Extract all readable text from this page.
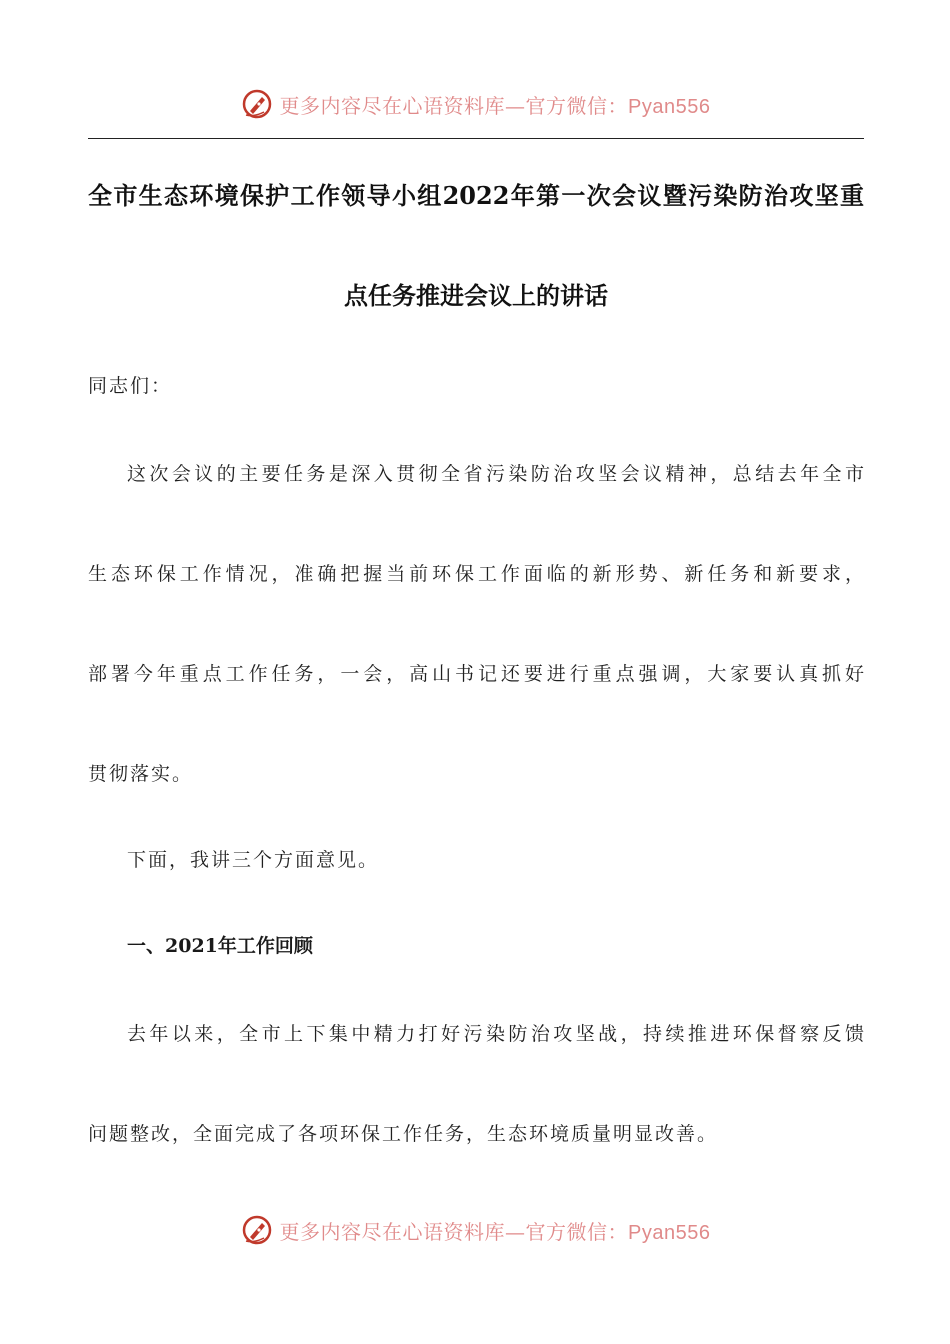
更多内容尽在心语资料库—官方微信：Pyan556
全市生态环境保护工作领导小组2022年第一次会议暨污染防治攻坚重
点任务推进会议上的讲话
同志们：
这次会议的主要任务是深入贯彻全省污染防治攻坚会议精神，总结去年全市
生态环保工作情况，准确把握当前环保工作面临的新形势、新任务和新要求，
部署今年重点工作任务，一会，高山书记还要进行重点强调，大家要认真抓好
贯彻落实。
下面，我讲三个方面意见。
一、2021年工作回顾
去年以来，全市上下集中精力打好污染防治攻坚战，持续推进环保督察反馈
问题整改，全面完成了各项环保工作任务，生态环境质量明显改善。
更多内容尽在心语资料库—官方微信：Pyan556
